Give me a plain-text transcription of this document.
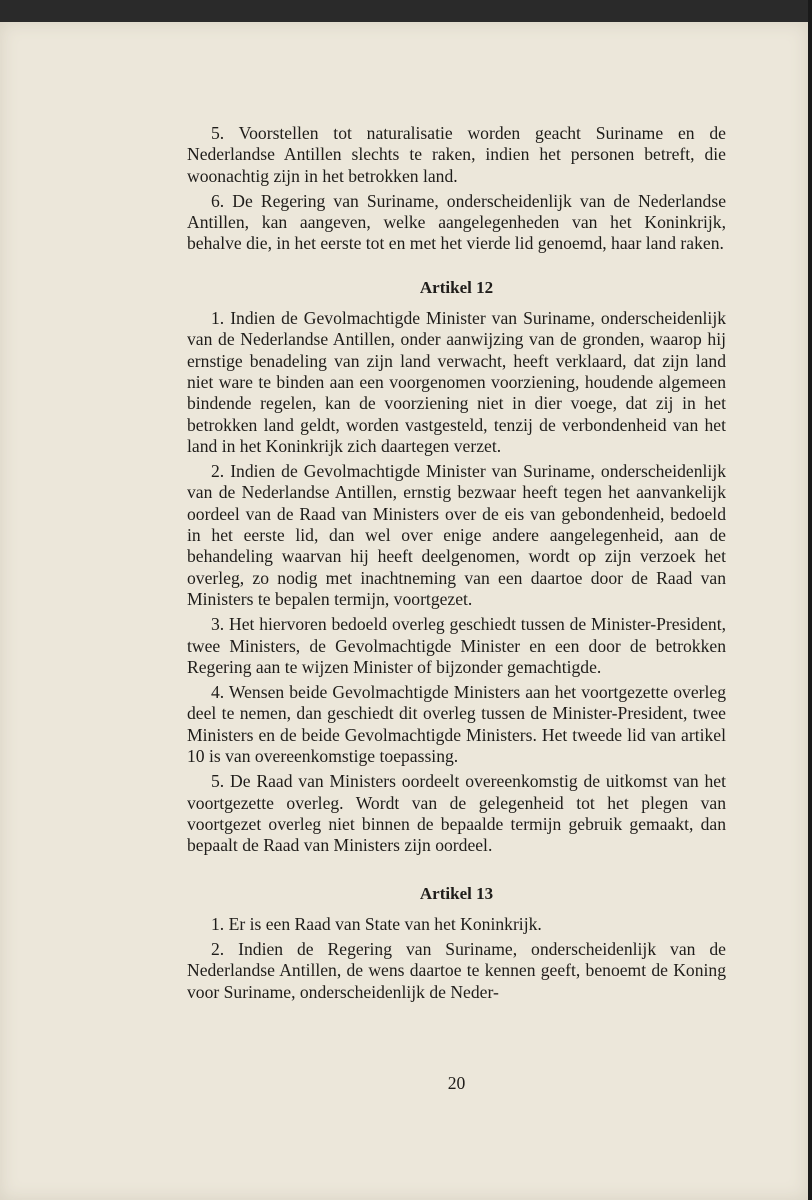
5. Voorstellen tot naturalisatie worden geacht Suriname en de Nederlandse Antillen slechts te raken, indien het personen betreft, die woonachtig zijn in het betrokken land.

6. De Regering van Suriname, onderscheidenlijk van de Nederlandse Antillen, kan aangeven, welke aangelegenheden van het Koninkrijk, behalve die, in het eerste tot en met het vierde lid genoemd, haar land raken.

Artikel 12

1. Indien de Gevolmachtigde Minister van Suriname, onderscheidenlijk van de Nederlandse Antillen, onder aanwijzing van de gronden, waarop hij ernstige benadeling van zijn land verwacht, heeft verklaard, dat zijn land niet ware te binden aan een voorgenomen voorziening, houdende algemeen bindende regelen, kan de voorziening niet in dier voege, dat zij in het betrokken land geldt, worden vastgesteld, tenzij de verbondenheid van het land in het Koninkrijk zich daartegen verzet.

2. Indien de Gevolmachtigde Minister van Suriname, onderscheidenlijk van de Nederlandse Antillen, ernstig bezwaar heeft tegen het aanvankelijk oordeel van de Raad van Ministers over de eis van gebondenheid, bedoeld in het eerste lid, dan wel over enige andere aangelegenheid, aan de behandeling waarvan hij heeft deelgenomen, wordt op zijn verzoek het overleg, zo nodig met inachtneming van een daartoe door de Raad van Ministers te bepalen termijn, voortgezet.

3. Het hiervoren bedoeld overleg geschiedt tussen de Minister-President, twee Ministers, de Gevolmachtigde Minister en een door de betrokken Regering aan te wijzen Minister of bijzonder gemachtigde.

4. Wensen beide Gevolmachtigde Ministers aan het voortgezette overleg deel te nemen, dan geschiedt dit overleg tussen de Minister-President, twee Ministers en de beide Gevolmachtigde Ministers. Het tweede lid van artikel 10 is van overeenkomstige toepassing.

5. De Raad van Ministers oordeelt overeenkomstig de uitkomst van het voortgezette overleg. Wordt van de gelegenheid tot het plegen van voortgezet overleg niet binnen de bepaalde termijn gebruik gemaakt, dan bepaalt de Raad van Ministers zijn oordeel.

Artikel 13

1. Er is een Raad van State van het Koninkrijk.

2. Indien de Regering van Suriname, onderscheidenlijk van de Nederlandse Antillen, de wens daartoe te kennen geeft, benoemt de Koning voor Suriname, onderscheidenlijk de Neder-

20
